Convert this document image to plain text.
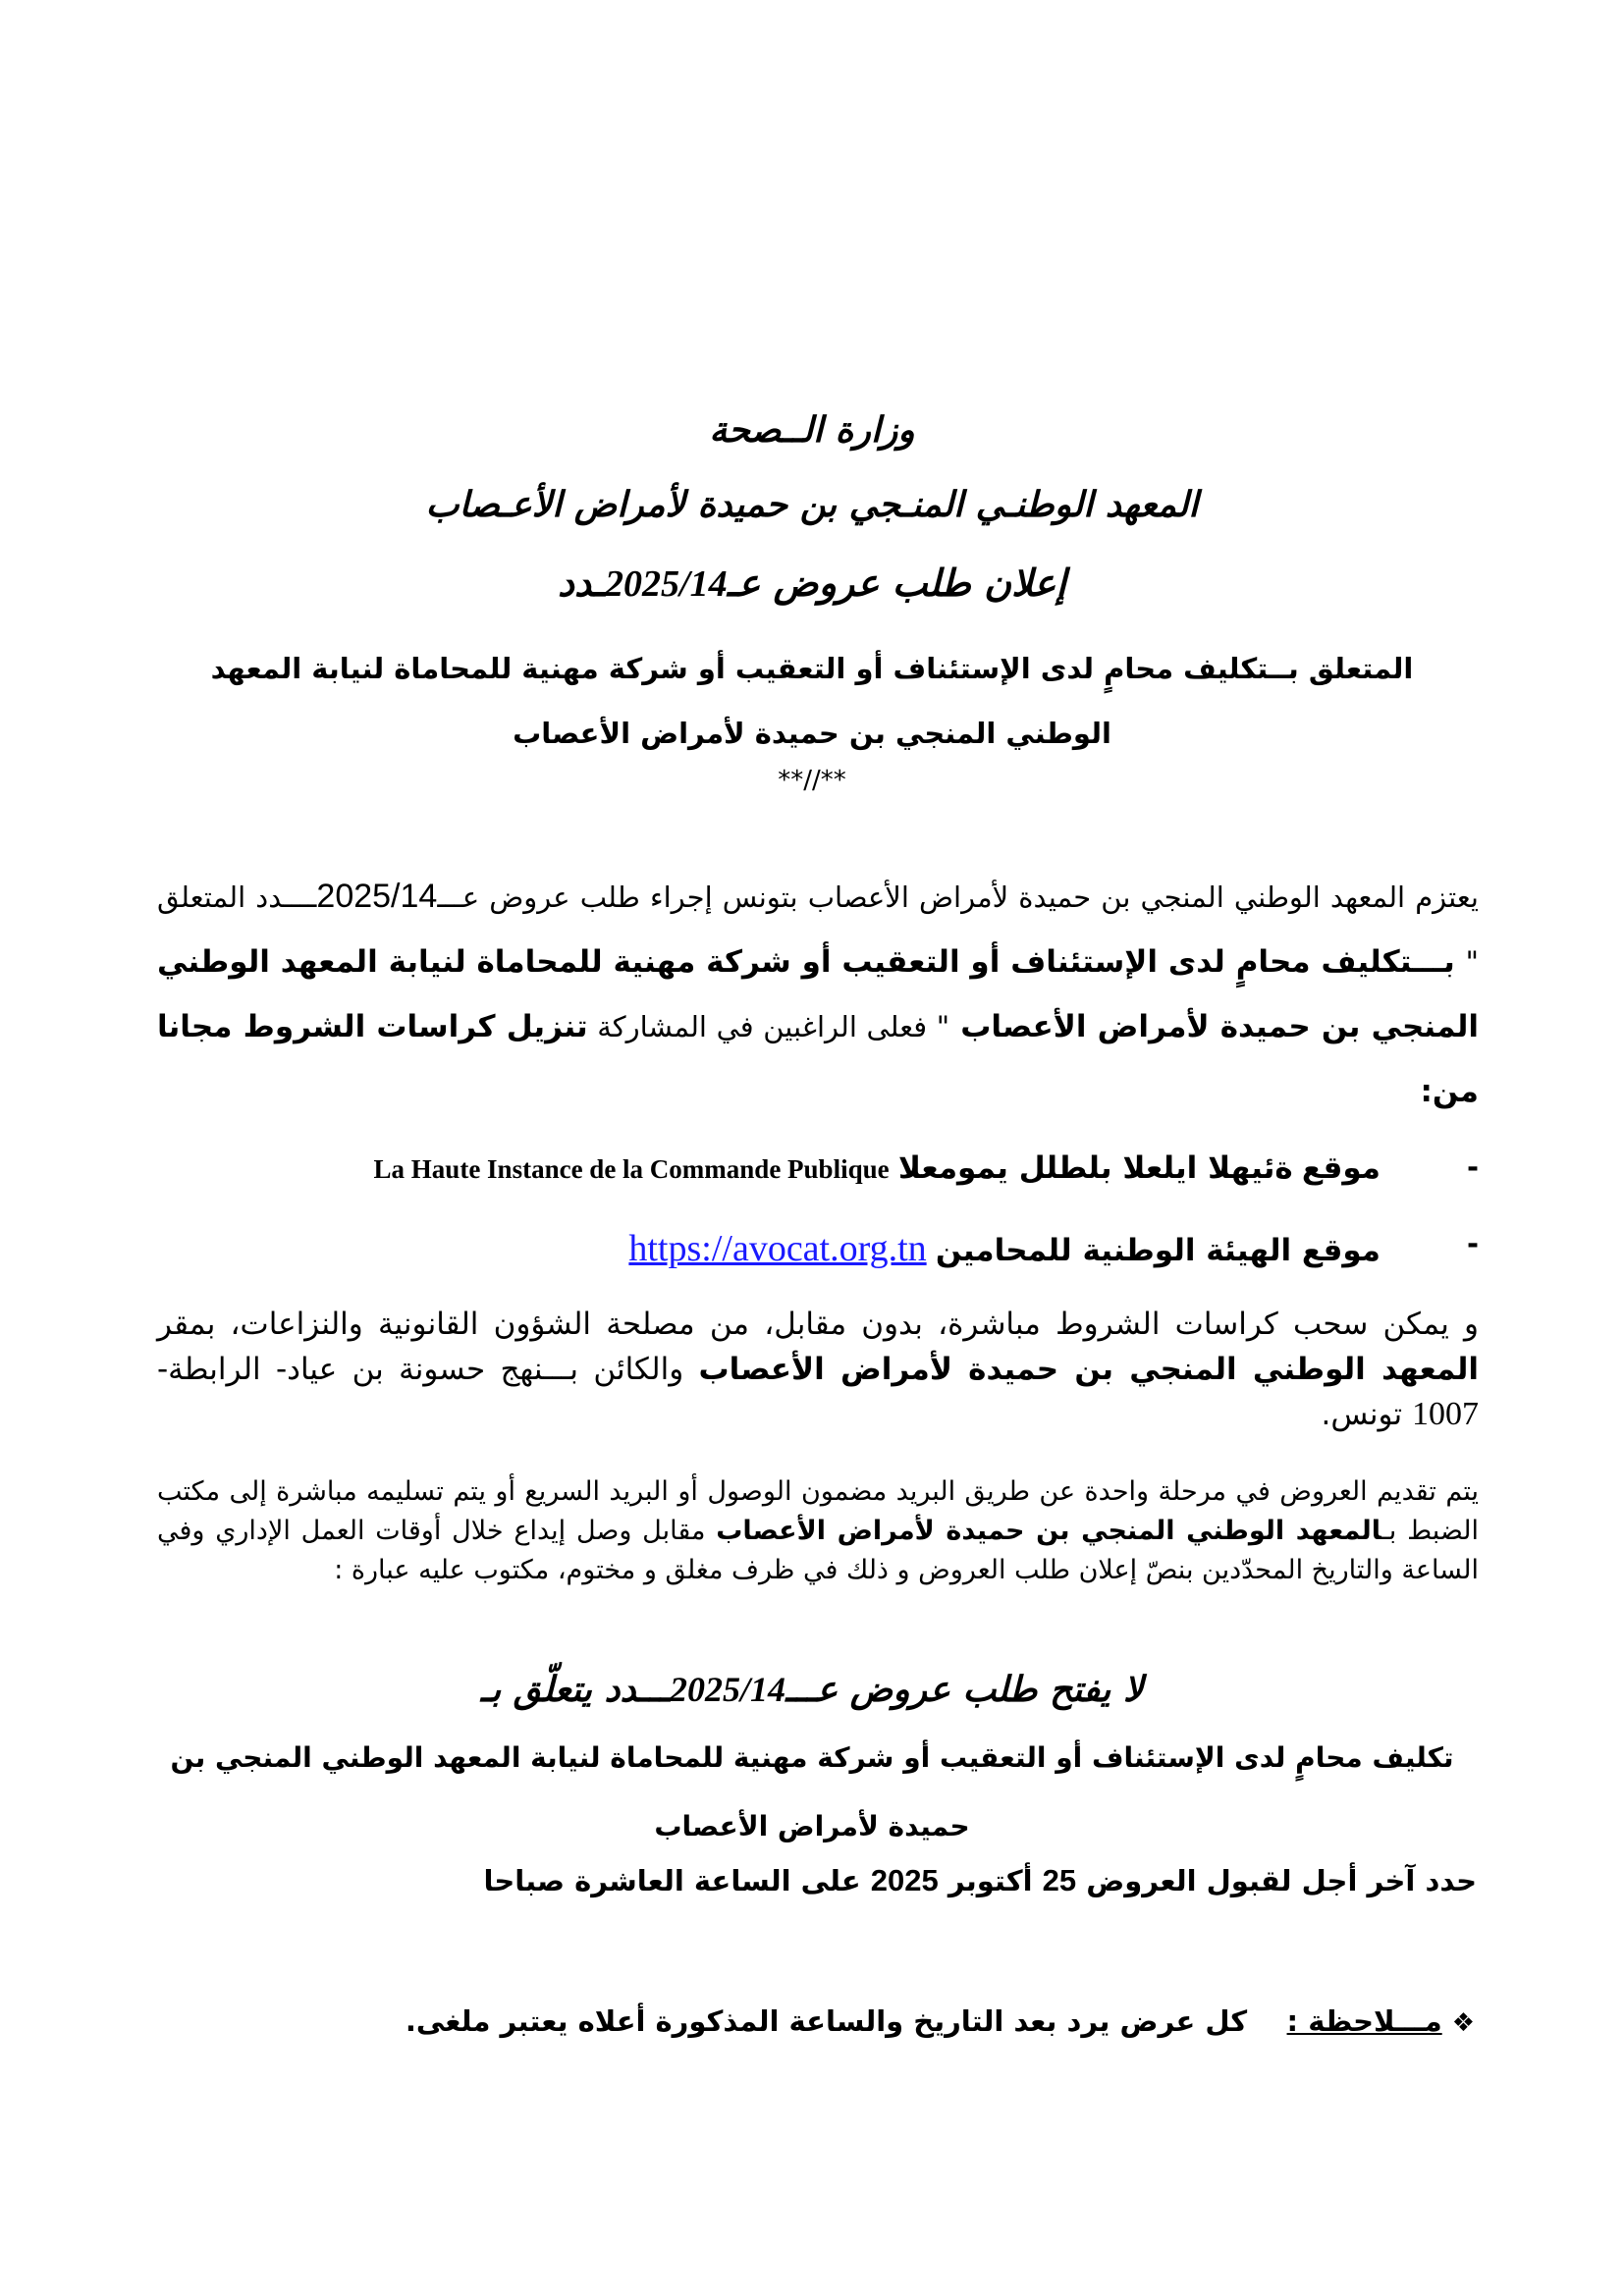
وزارة الــصحة
المعهد الوطنـي المنـجي بن حميدة لأمراض الأعـصاب
إعلان طلب عروض عـ2025/14ـدد
المتعلق بــتكليف محامٍ لدى الإستئناف أو التعقيب أو شركة مهنية للمحاماة لنيابة المعهد الوطني المنجي بن حميدة لأمراض الأعصاب
**//**
يعتزم المعهد الوطني المنجي بن حميدة لأمراض الأعصاب بتونس إجراء طلب عروض عـــ2025/14ــــدد المتعلق " بـــتكليف محامٍ لدى الإستئناف أو التعقيب أو شركة مهنية للمحاماة لنيابة المعهد الوطني المنجي بن حميدة لأمراض الأعصاب " فعلى الراغبين في المشاركة تنزيل كراسات الشروط مجانا من:
-
موقع ةئيهلا ايلعلا بلطلل يمومعلا La Haute Instance de la Commande Publique
-
موقع الهيئة الوطنية للمحامين https://avocat.org.tn
و يمكن سحب كراسات الشروط مباشرة، بدون مقابل، من مصلحة الشؤون القانونية والنزاعات، بمقر المعهد الوطني المنجي بن حميدة لأمراض الأعصاب والكائن بـــنهج حسونة بن عياد- الرابطة- 1007 تونس.
يتم تقديم العروض في مرحلة واحدة عن طريق البريد مضمون الوصول أو البريد السريع أو يتم تسليمه مباشرة إلى مكتب الضبط بـالمعهد الوطني المنجي بن حميدة لأمراض الأعصاب مقابل وصل إيداع خلال أوقات العمل الإداري وفي الساعة والتاريخ المحدّدين بنصّ إعلان طلب العروض و ذلك في ظرف مغلق و مختوم، مكتوب عليه عبارة :
لا يفتح طلب عروض عـــ2025/14ـــدد يتعلّق بـ
تكليف محامٍ لدى الإستئناف أو التعقيب أو شركة مهنية للمحاماة لنيابة المعهد الوطني المنجي بن حميدة لأمراض الأعصاب
حدد آخر أجل لقبول العروض 25 أكتوبر 2025 على الساعة العاشرة صباحا
❖مـــلاحظة :    كل عرض يرد بعد التاريخ والساعة المذكورة أعلاه يعتبر ملغى.
